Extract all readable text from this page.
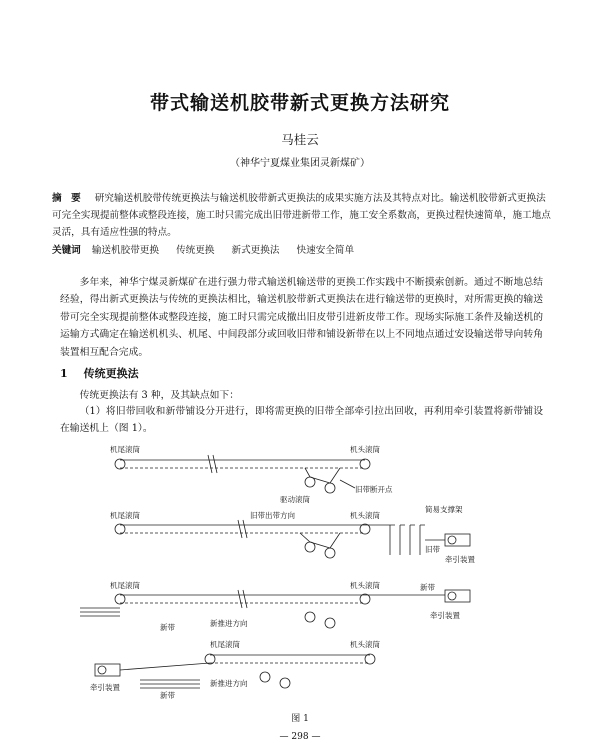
带式输送机胶带新式更换方法研究
马桂云
（神华宁夏煤业集团灵新煤矿）
摘　要 研究输送机胶带传统更换法与输送机胶带新式更换法的成果实施方法及其特点对比。输送机胶带新式更换法可完全实现提前整体或整段连接，施工时只需完成出旧带进新带工作，施工安全系数高，更换过程快速简单，施工地点灵活，具有适应性强的特点。
关键词 输送机胶带更换 传统更换 新式更换法 快速安全简单
多年来，神华宁煤灵新煤矿在进行强力带式输送机输送带的更换工作实践中不断摸索创新。通过不断地总结经验，得出新式更换法与传统的更换法相比，输送机胶带新式更换法在进行输送带的更换时，对所需更换的输送带可完全实现提前整体或整段连接，施工时只需完成撤出旧皮带引进新皮带工作。现场实际施工条件及输送机的运输方式确定在输送机机头、机尾、中间段部分或回收旧带和铺设新带在以上不同地点通过安设输送带导向转角装置相互配合完成。
1 传统更换法
传统更换法有 3 种，及其缺点如下：
（1）将旧带回收和新带铺设分开进行，即将需更换的旧带全部牵引拉出回收，再利用牵引装置将新带铺设在输送机上（图 1）。
机尾滚筒	机头滚筒
旧带断开点
驱动滚筒
机尾滚筒	旧带出带方向	机头滚筒
简易支撑架
旧带
牵引装置
机尾滚筒	机头滚筒
新带	新推进方向
新带
牵引装置
机尾滚筒	机头滚筒
牵引装置
新带
新推进方向
图 1
— 298 —
